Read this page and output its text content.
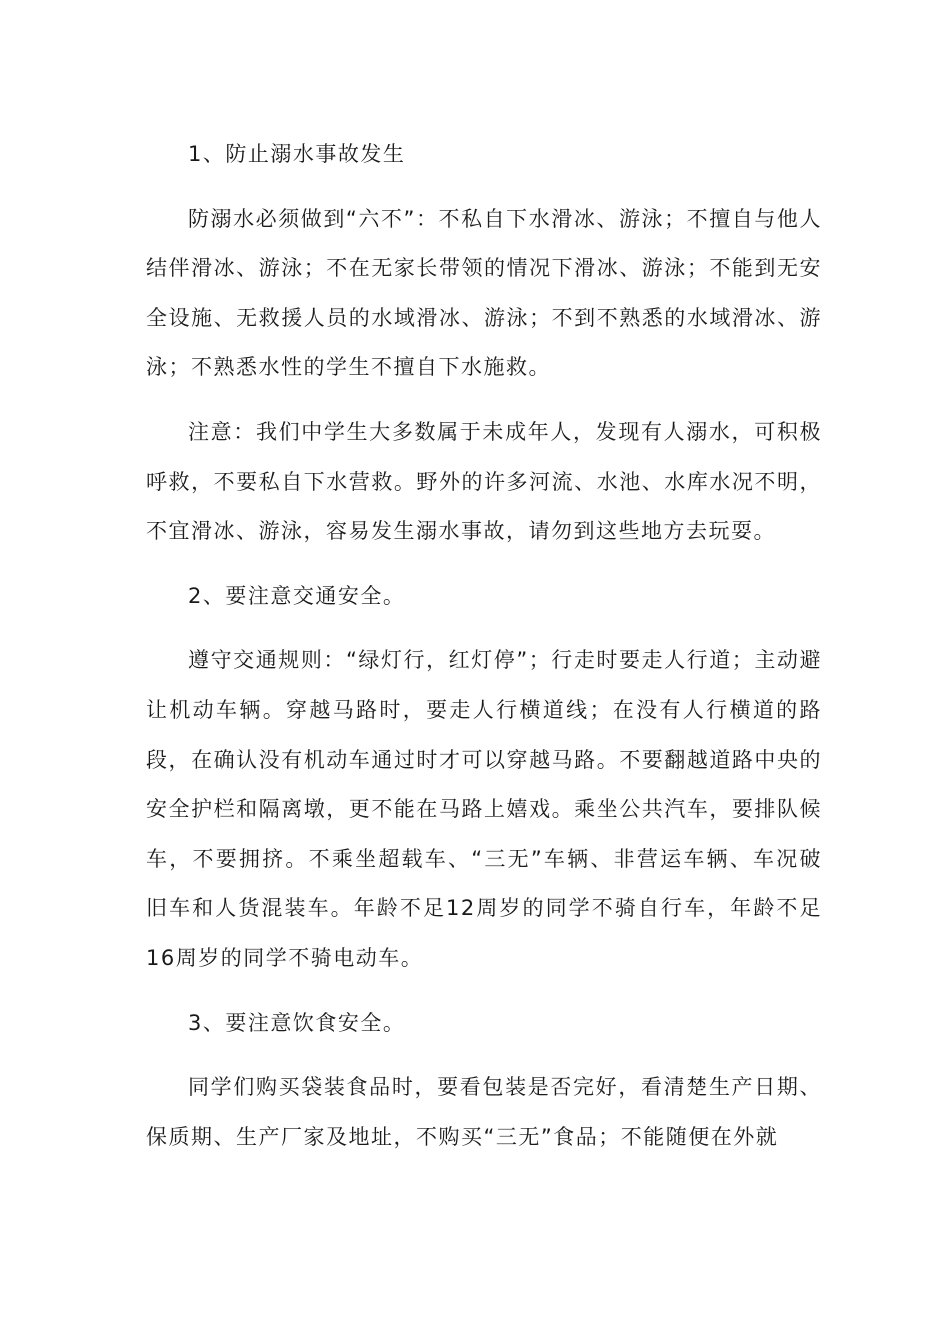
1、防止溺水事故发生

防溺水必须做到“六不”：不私自下水滑冰、游泳；不擅自与他人结伴滑冰、游泳；不在无家长带领的情况下滑冰、游泳；不能到无安全设施、无救援人员的水域滑冰、游泳；不到不熟悉的水域滑冰、游泳；不熟悉水性的学生不擅自下水施救。

注意：我们中学生大多数属于未成年人，发现有人溺水，可积极呼救，不要私自下水营救。野外的许多河流、水池、水库水况不明，不宜滑冰、游泳，容易发生溺水事故，请勿到这些地方去玩耍。

2、要注意交通安全。

遵守交通规则：“绿灯行，红灯停”；行走时要走人行道；主动避让机动车辆。穿越马路时，要走人行横道线；在没有人行横道的路段，在确认没有机动车通过时才可以穿越马路。不要翻越道路中央的安全护栏和隔离墩，更不能在马路上嬉戏。乘坐公共汽车，要排队候车，不要拥挤。不乘坐超载车、“三无”车辆、非营运车辆、车况破旧车和人货混装车。年龄不足12周岁的同学不骑自行车，年龄不足16周岁的同学不骑电动车。

3、要注意饮食安全。

同学们购买袋装食品时，要看包装是否完好，看清楚生产日期、保质期、生产厂家及地址，不购买“三无”食品；不能随便在外就
